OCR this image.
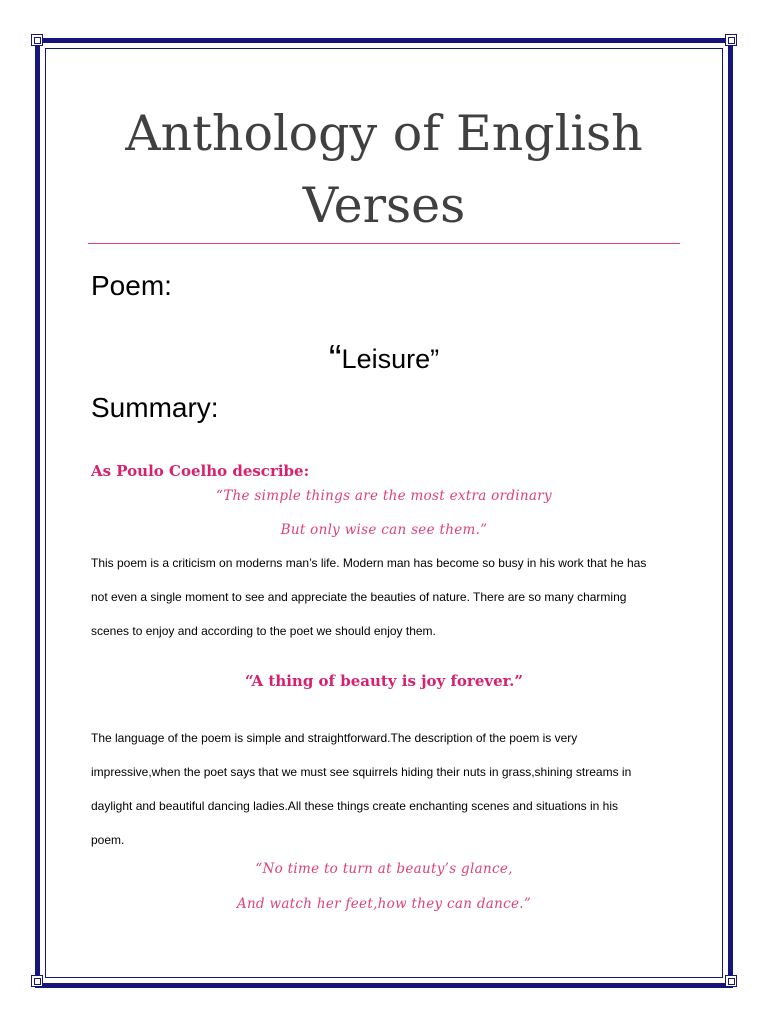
Anthology of English
Verses
Poem:
“Leisure”
Summary:
As Poulo Coelho describe:
“The simple things are the most extra ordinary
But only wise can see them.”
This poem is a criticism on moderns man’s life. Modern man has become so busy in his work that he has
not even a single moment to see and appreciate the beauties of nature. There are so many charming
scenes to enjoy and according to the poet we should enjoy them.
“A thing of beauty is joy forever.”
The language of the poem is simple and straightforward.The description of the poem is very
impressive,when the poet says that we must see squirrels hiding their nuts in grass,shining streams in
daylight and beautiful dancing ladies.All these things create enchanting scenes and situations in his
poem.
“No time to turn at beauty’s glance,
And watch her feet,how they can dance.”
